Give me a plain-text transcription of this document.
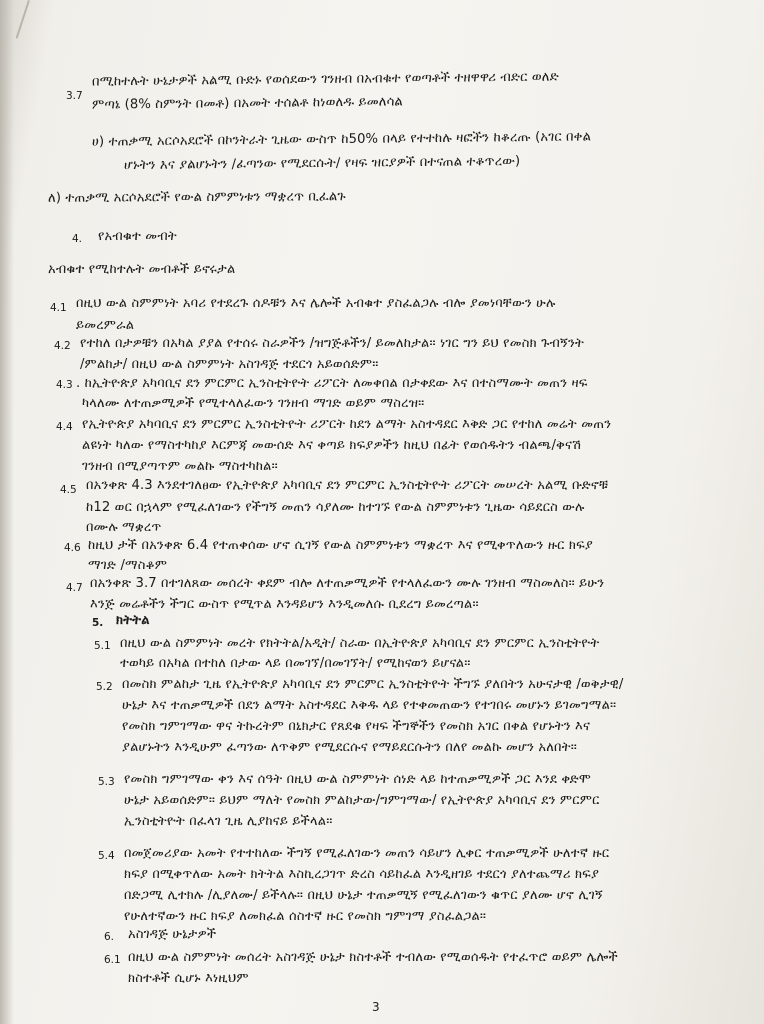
3.7
በሚከተሉት ሁኔታዎች አልሚ ቡድኑ የወሰደውን ገንዘብ በአብቁተ የወጣቶች ተዘዋዋሪ ብድር ወለድ
ምጣኔ (8% ስምንት በመቶ) በአመት ተሰልቶ ከነወለዱ ይመለሳል
ሀ) ተጠቃሚ አርሶአደሮች በኮንትራት ጊዜው ውስጥ ከ50% በላይ የተተከሉ ዛፎችን ከቆረጡ (አገር በቀል
ሆኑትን እና ያልሆኑትን /ፈጣንው የሚደርሱት/ የዛፍ ዝርያዎች በተናጠል ተቆጥረው)
ለ) ተጠቃሚ አርሶአደሮች የውል ስምምነቱን ማቋረጥ ቢፈልጉ
4. የአብቁተ መብት
አብቁተ የሚከተሉት መብቶች ይኖሩታል
4.1 በዚህ ውል ስምምነት አባሪ የተደረጉ ሰዶቹን እና ሌሎች አብቁተ ያስፈልጋሉ ብሎ ያመነባቸውን ሁሉ
ይመረምራል
4.2 የተከለ በታዎቹን በአካል ያያል የተሰሩ ስራዎችን /ዝግጅቶችን/ ይመለከታል። ነገር ግን ይህ የመስክ ጉብኝንት
/ምልከታ/ በዚህ ውል ስምምነት አስገዳጅ ተደርጎ አይወሰድም።
4.3 . ከኢትዮጵያ አካባቢና ደን ምርምር ኢንስቲትዮት ሪፖርት ለመቀበል በታቀደው እና በተስማሙት መጠን ዛፍ
ካላለሙ ለተጠቃሚዎች የሚተላለፈውን ገንዘብ ማገድ ወይም ማስረዝ።
4.4 የኢትዮጵያ አካባቢና ደን ምርምር ኢንስቲትዮት ሪፖርት ከደን ልማት አስተዳደር እቅድ ጋር የተከለ መሬት መጠን
ልዩነት ካለው የማስተካከያ እርምጃ መውሰድ እና ቀጣይ ክፍያዎችን ከዚህ በፊት የወሰዱትን ብልጫ/ቅናሽ
ገንዘብ በሚያጣጥም መልኩ ማስተካከል።
4.5 በአንቀጽ 4.3 እንደተገለፀው የኢትዮጵያ አካባቢና ደን ምርምር ኢንስቲትዮት ሪፖርት መሠረት አልሚ ቡድኖቹ
ከ12 ወር በኋላም የሚፈለገውን የችግኝ መጠን ሳያለሙ ከተገኙ የውል ስምምነቱን ጊዜው ሳይደርስ ውሉ
በሙሉ ማቋረጥ
4.6 ከዚህ ታች በአንቀጽ 6.4 የተጠቀሰው ሆኖ ሲገኝ የውል ስምምነቱን ማቋረጥ እና የሚቀጥለውን ዙር ክፍያ
ማገድ /ማስቆም
4.7 በአንቀጽ 3.7 በተገለጸው መሰረት ቀደም ብሎ ለተጠቃሚዎች የተላለፈውን ሙሉ ገንዘብ ማስመለስ። ይሁን
እንጅ መሬቶችን ችግር ውስጥ የሚጥል እንዳይሆን እንዲመለሱ ቢደረግ ይመረጣል።
5. ክትትል
5.1 በዚህ ውል ስምምነት መረት የክትትል/አዲት/ ስራው በኢትዮጵያ አካባቢና ደን ምርምር ኢንስቲትዮት
ተወካይ በአካል በተከለ በታው ላይ በመገኘ/በመገኘት/ የሚከናወን ይሆናል።
5.2 በመስክ ምልከታ ጊዜ የኢትዮጵያ አካባቢና ደን ምርምር ኢንስቲትዮት ችግኙ ያለበትን አሁናታዊ /ወቅታዊ/
ሁኔታ እና ተጠቃሚዎች በደን ልማት አስተዳደር እቅዱ ላይ የተቀመጠውን የተገበሩ መሆኑን ይገመግማል።
የመስክ ግምገማው ዋና ትኩረትም በኒክታር የጸደቁ የዛፍ ችግኞችን የመስክ አገር በቀል የሆኑትን እና
ያልሆኑትን እንዲሁም ፈጣንው ለጥቅም የሚደርሱና የማይደርሱትን በለየ መልኩ መሆን አለበት።
5.3 የመስክ ግምገማው ቀን እና ሰዓት በዚህ ውል ስምምነት ሰነድ ላይ ከተጠቃሚዎች ጋር እንደ ቀድሞ
ሁኔታ አይወሰድም። ይህም ማለት የመስክ ምልከታው/ግምገማው/ የኢትዮጵያ አካባቢና ደን ምርምር
ኢንስቲትዮት በፈላገ ጊዜ ሊያከናይ ይችላል።
5.4 በመጀመሪያው አመት የተተከለው ችግኝ የሚፈለገውን መጠን ሳይሆን ሊቀር ተጠቃሚዎች ሁለተኛ ዙር
ክፍያ በሚቀጥለው አመት ክትትል እስኪረጋገጥ ድረስ ሳይከፈል እንዲዘገይ ተደርጎ ያለተጨማሪ ክፍያ
በድጋሚ ሊተክሉ /ሊያለሙ/ ይችላሉ። በዚህ ሁኔታ ተጠቃሚኝ የሚፈለገውን ቁጥር ያለሙ ሆኖ ሊገኝ
የሁለተኛውን ዙር ክፍያ ለመክፈል ሰስተኛ ዙር የመስክ ግምገማ ያስፈልጋል።
6. አስገዳጅ ሁኔታዎች
6.1 በዚህ ውል ስምምነት መሰረት አስገዳጅ ሁኔታ ክስተቶች ተብለው የሚወሰዱት የተፈጥሮ ወይም ሌሎች
ክስተቶች ሲሆኑ እነዚህም
3
